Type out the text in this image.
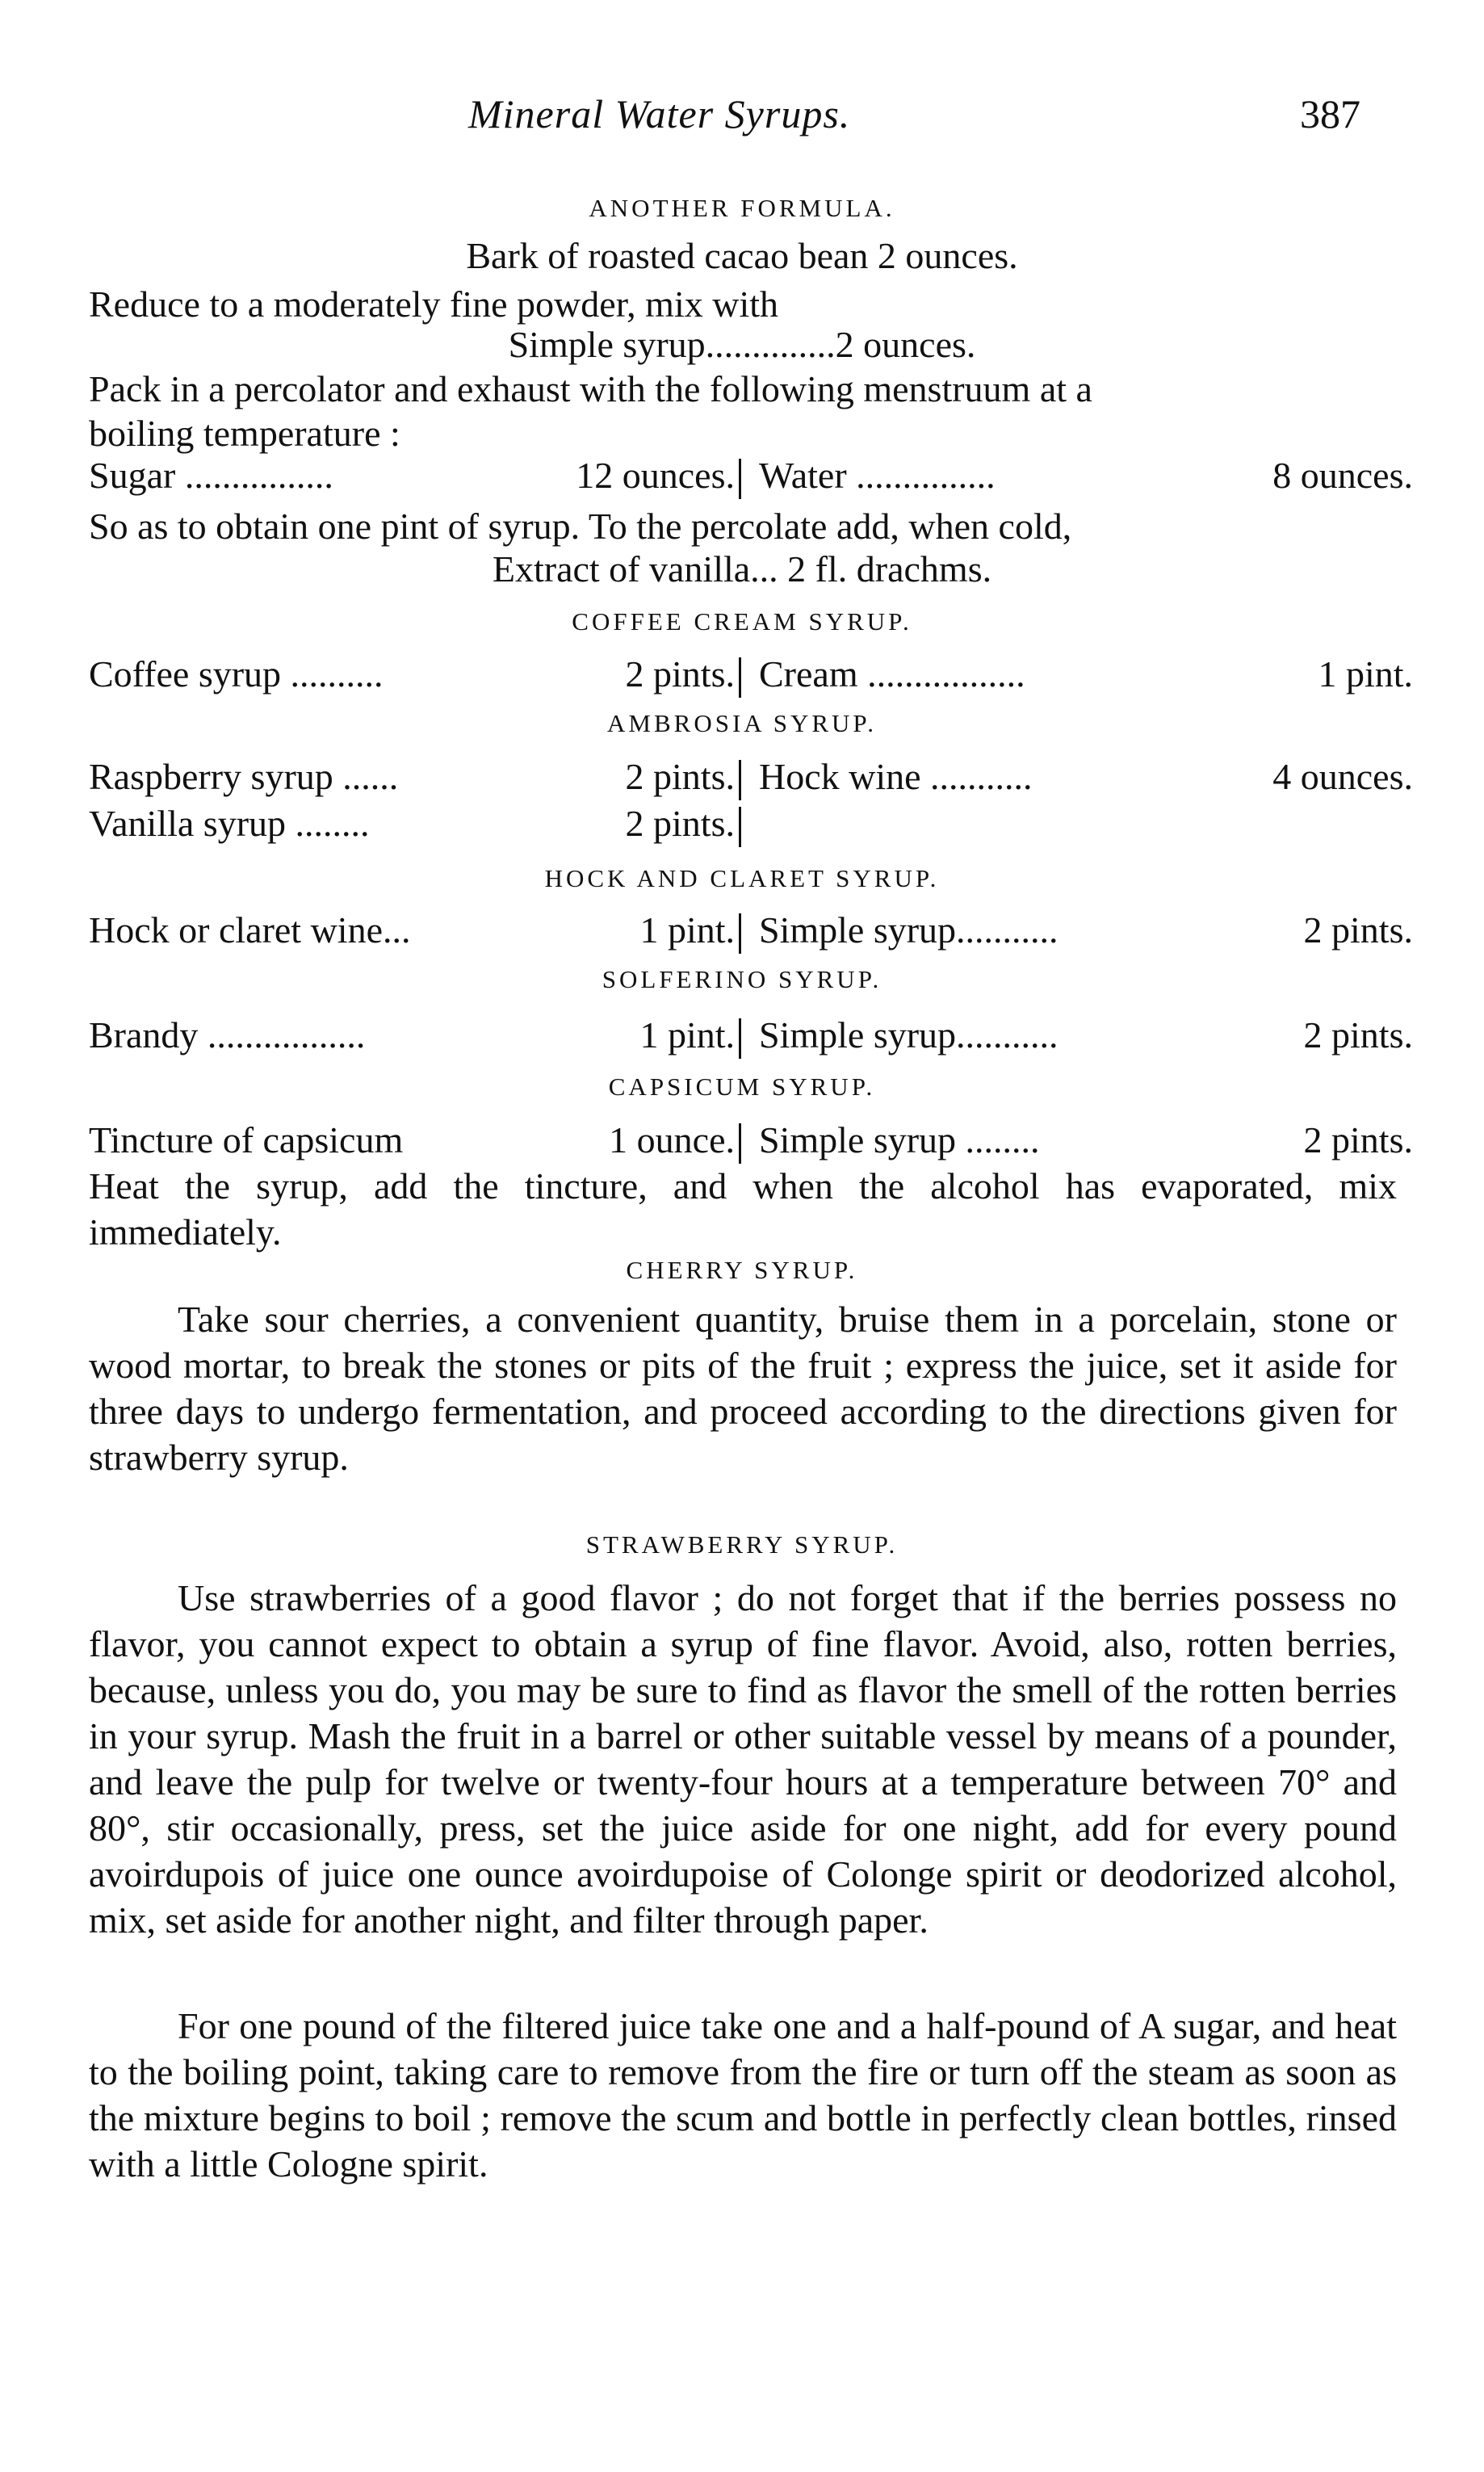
Mineral Water Syrups.	387
ANOTHER FORMULA.
Bark of roasted cacao bean 2 ounces.
Reduce to a moderately fine powder, mix with
Simple syrup..............2 ounces.
Pack in a percolator and exhaust with the following menstruum at a
boiling temperature :
Sugar ................	12 ounces. Water ...............	8 ounces.
So as to obtain one pint of syrup. To the percolate add, when cold,
Extract of vanilla... 2 fl. drachms.
COFFEE CREAM SYRUP.
Coffee syrup ..........	2 pints. Cream .................	1 pint.
AMBROSIA SYRUP.
Raspberry syrup ......	2 pints. Hock wine ...........	4 ounces.
Vanilla syrup ........	2 pints.
HOCK AND CLARET SYRUP.
Hock or claret wine...	1 pint. Simple syrup...........	2 pints.
SOLFERINO SYRUP.
Brandy .................	1 pint. Simple syrup...........	2 pints.
CAPSICUM SYRUP.
Tincture of capsicum	1 ounce. Simple syrup ........	2 pints.
Heat the syrup, add the tincture, and when the alcohol has evaporated, mix immediately.
CHERRY SYRUP.
Take sour cherries, a convenient quantity, bruise them in a porcelain, stone or wood mortar, to break the stones or pits of the fruit ; express the juice, set it aside for three days to undergo fermentation, and proceed according to the directions given for strawberry syrup.
STRAWBERRY SYRUP.
Use strawberries of a good flavor ; do not forget that if the berries possess no flavor, you cannot expect to obtain a syrup of fine flavor. Avoid, also, rotten berries, because, unless you do, you may be sure to find as flavor the smell of the rotten berries in your syrup. Mash the fruit in a barrel or other suitable vessel by means of a pounder, and leave the pulp for twelve or twenty-four hours at a temperature between 70° and 80°, stir occasionally, press, set the juice aside for one night, add for every pound avoirdupois of juice one ounce avoirdupoise of Colonge spirit or deodorized alcohol, mix, set aside for another night, and filter through paper.
For one pound of the filtered juice take one and a half-pound of A sugar, and heat to the boiling point, taking care to remove from the fire or turn off the steam as soon as the mixture begins to boil ; remove the scum and bottle in perfectly clean bottles, rinsed with a little Cologne spirit.
